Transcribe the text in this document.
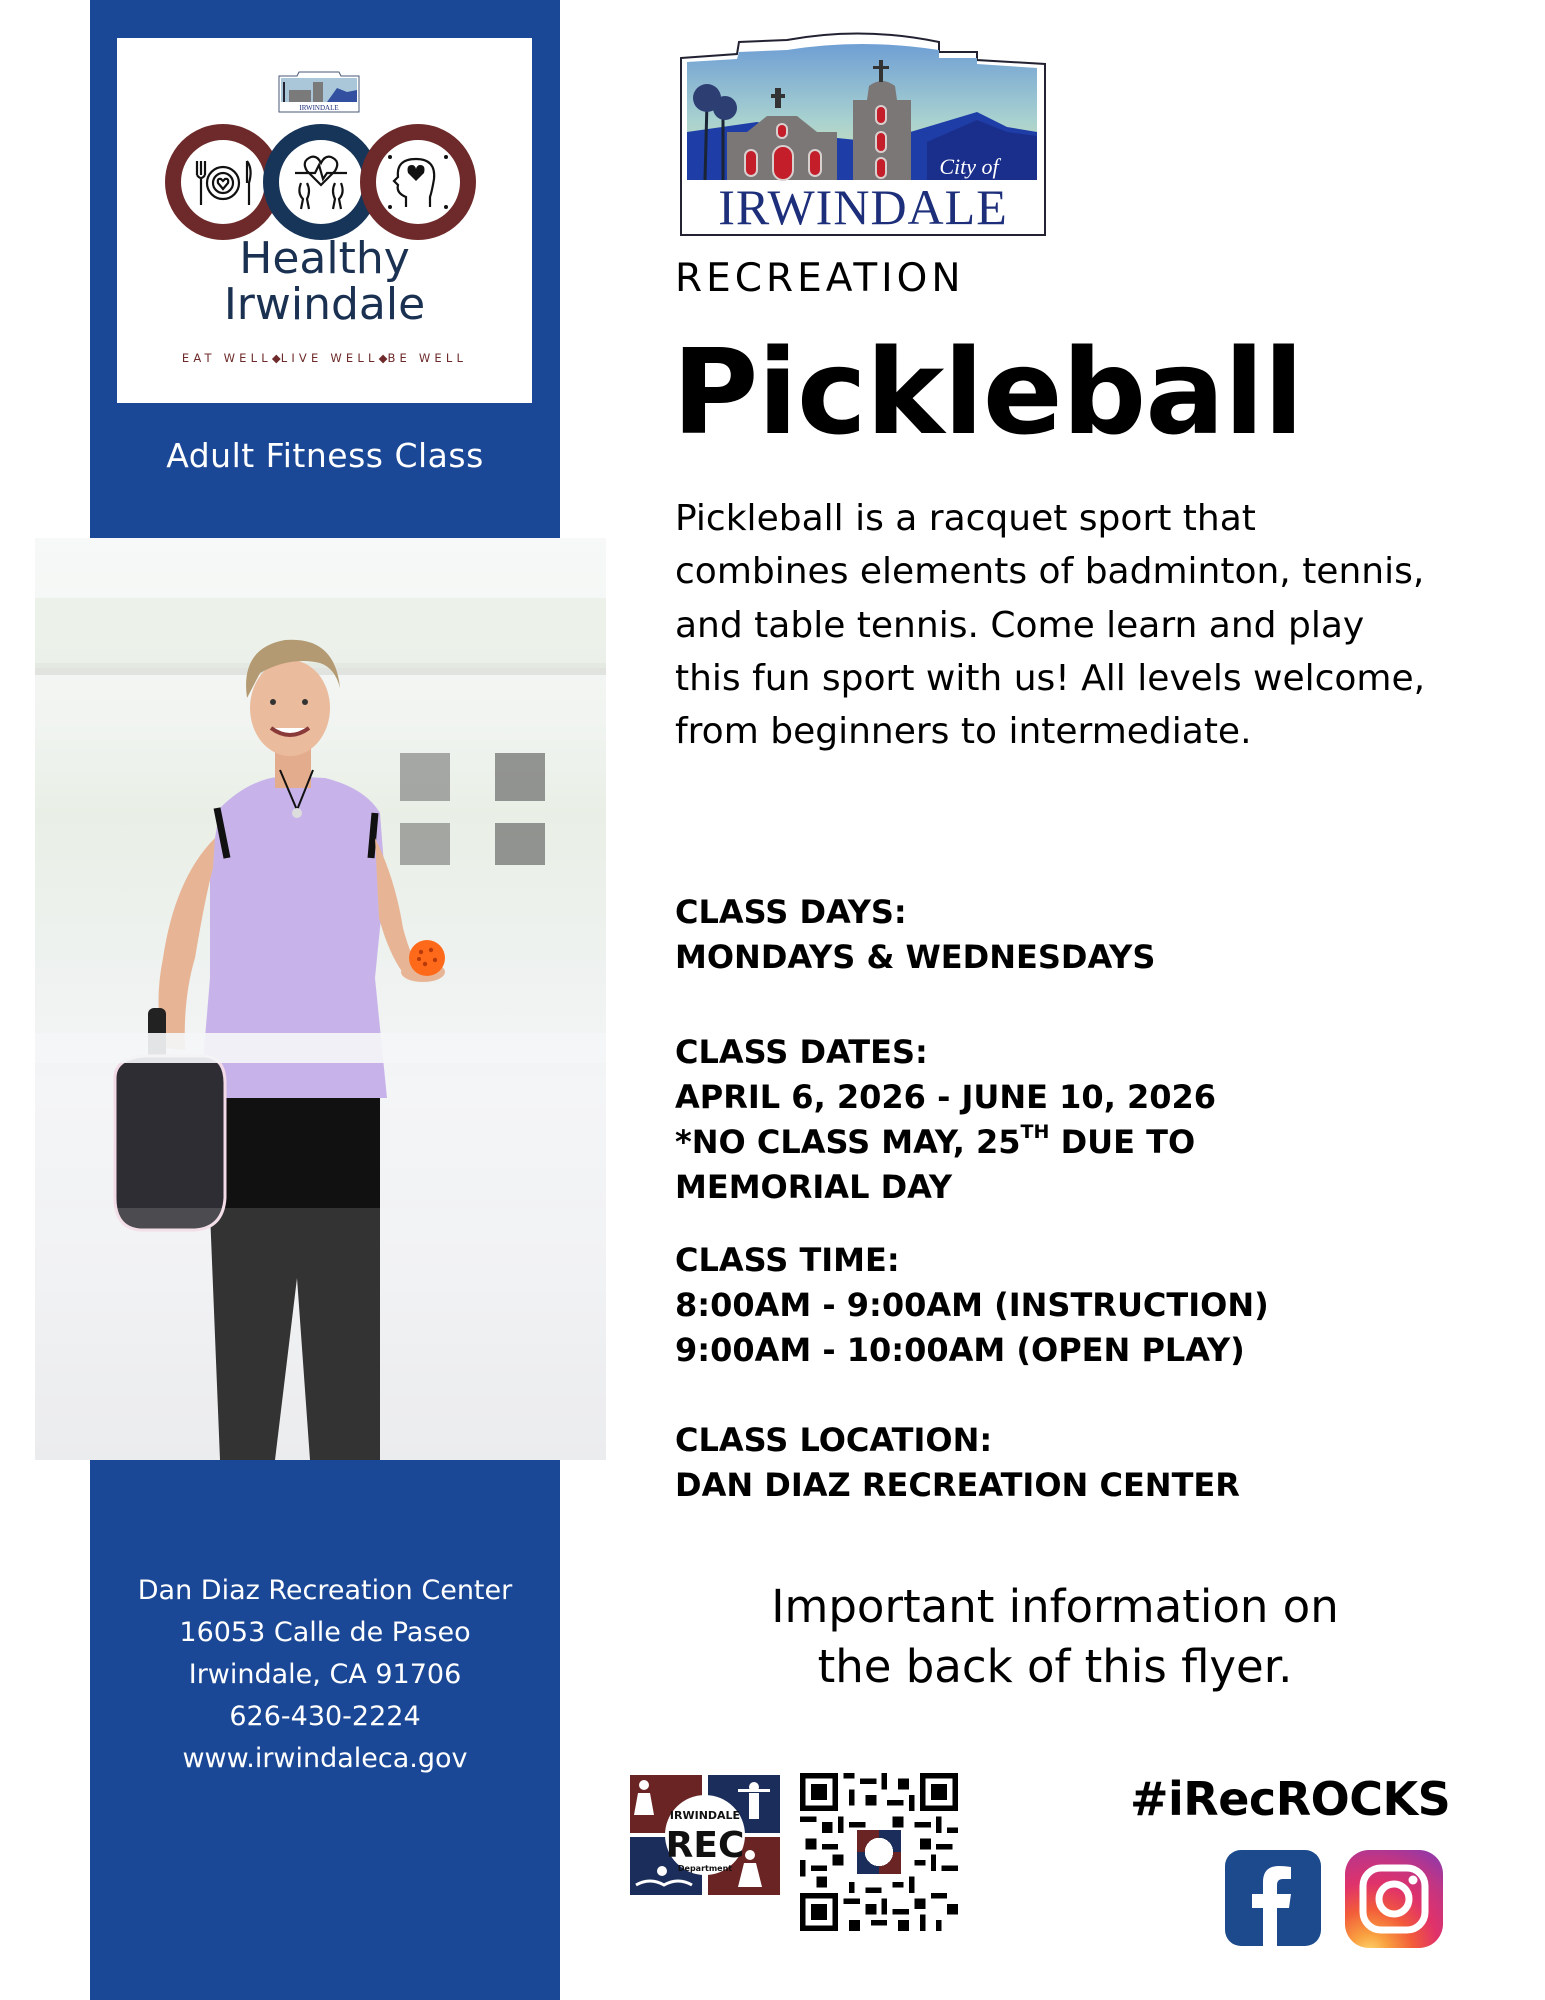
IRWINDALE
Healthy
Irwindale
EAT WELL◆LIVE WELL◆BE WELL
Adult Fitness Class
Dan Diaz Recreation Center
16053 Calle de Paseo
Irwindale, CA 91706
626-430-2224
www.irwindaleca.gov
City of
IRWINDALE
RECREATION
Pickleball
Pickleball is a racquet sport that combines elements of badminton, tennis, and table tennis. Come learn and play this fun sport with us! All levels welcome, from beginners to intermediate.
CLASS DAYS:
MONDAYS & WEDNESDAYS
CLASS DATES:
APRIL 6, 2026 - JUNE 10, 2026
*NO CLASS MAY, 25TH DUE TO
MEMORIAL DAY
CLASS TIME:
8:00AM - 9:00AM (INSTRUCTION)
9:00AM - 10:00AM (OPEN PLAY)
CLASS LOCATION:
DAN DIAZ RECREATION CENTER
Important information on
the back of this flyer.
IRWINDALE
REC
Department
#iRecROCKS
